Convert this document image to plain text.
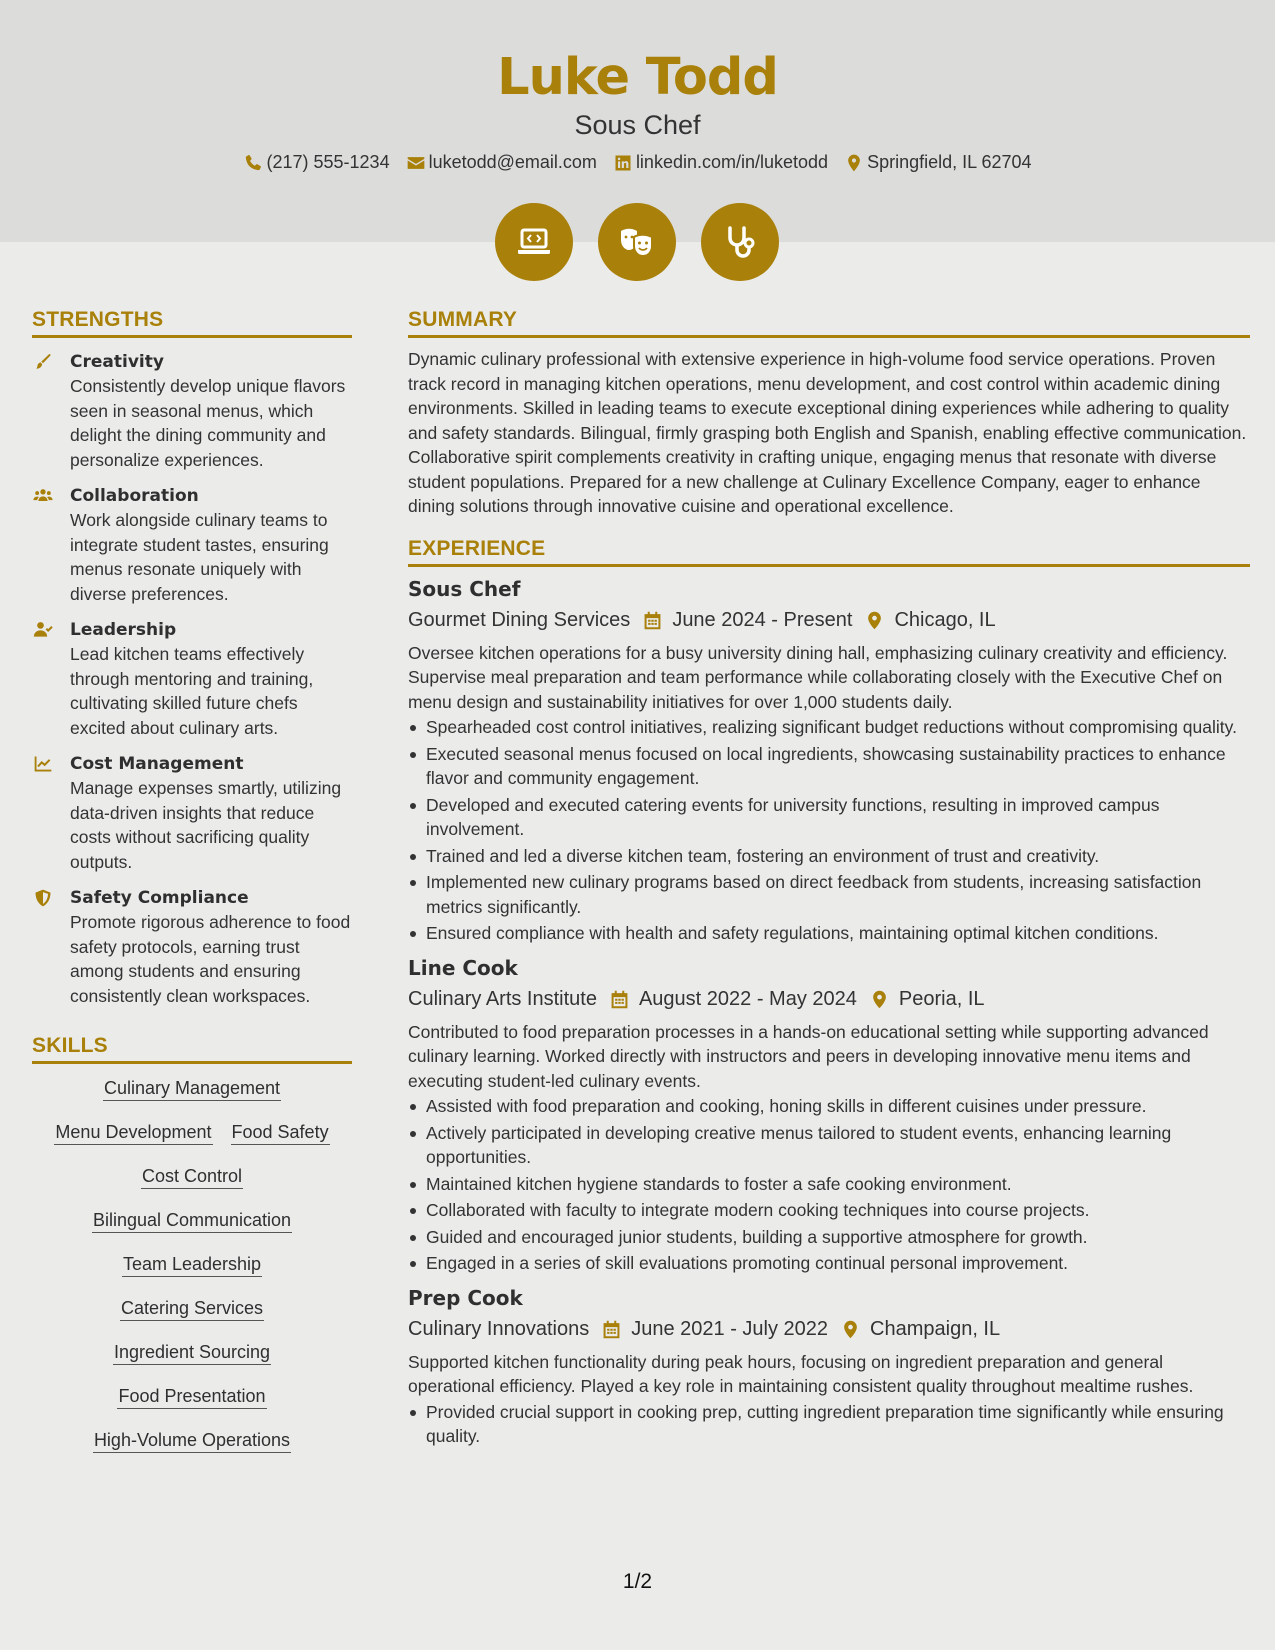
Luke Todd
Sous Chef
(217) 555-1234 luketodd@email.com linkedin.com/in/luketodd Springfield, IL 62704
STRENGTHS
Creativity
Consistently develop unique flavors seen in seasonal menus, which delight the dining community and personalize experiences.
Collaboration
Work alongside culinary teams to integrate student tastes, ensuring menus resonate uniquely with diverse preferences.
Leadership
Lead kitchen teams effectively through mentoring and training, cultivating skilled future chefs excited about culinary arts.
Cost Management
Manage expenses smartly, utilizing data-driven insights that reduce costs without sacrificing quality outputs.
Safety Compliance
Promote rigorous adherence to food safety protocols, earning trust among students and ensuring consistently clean workspaces.
SKILLS
Culinary Management
Menu Development Food Safety
Cost Control
Bilingual Communication
Team Leadership
Catering Services
Ingredient Sourcing
Food Presentation
High-Volume Operations
SUMMARY
Dynamic culinary professional with extensive experience in high-volume food service operations. Proven track record in managing kitchen operations, menu development, and cost control within academic dining environments. Skilled in leading teams to execute exceptional dining experiences while adhering to quality and safety standards. Bilingual, firmly grasping both English and Spanish, enabling effective communication. Collaborative spirit complements creativity in crafting unique, engaging menus that resonate with diverse student populations. Prepared for a new challenge at Culinary Excellence Company, eager to enhance dining solutions through innovative cuisine and operational excellence.
EXPERIENCE
Sous Chef
Gourmet Dining Services June 2024 - Present Chicago, IL
Oversee kitchen operations for a busy university dining hall, emphasizing culinary creativity and efficiency. Supervise meal preparation and team performance while collaborating closely with the Executive Chef on menu design and sustainability initiatives for over 1,000 students daily.
Spearheaded cost control initiatives, realizing significant budget reductions without compromising quality.
Executed seasonal menus focused on local ingredients, showcasing sustainability practices to enhance flavor and community engagement.
Developed and executed catering events for university functions, resulting in improved campus involvement.
Trained and led a diverse kitchen team, fostering an environment of trust and creativity.
Implemented new culinary programs based on direct feedback from students, increasing satisfaction metrics significantly.
Ensured compliance with health and safety regulations, maintaining optimal kitchen conditions.
Line Cook
Culinary Arts Institute August 2022 - May 2024 Peoria, IL
Contributed to food preparation processes in a hands-on educational setting while supporting advanced culinary learning. Worked directly with instructors and peers in developing innovative menu items and executing student-led culinary events.
Assisted with food preparation and cooking, honing skills in different cuisines under pressure.
Actively participated in developing creative menus tailored to student events, enhancing learning opportunities.
Maintained kitchen hygiene standards to foster a safe cooking environment.
Collaborated with faculty to integrate modern cooking techniques into course projects.
Guided and encouraged junior students, building a supportive atmosphere for growth.
Engaged in a series of skill evaluations promoting continual personal improvement.
Prep Cook
Culinary Innovations June 2021 - July 2022 Champaign, IL
Supported kitchen functionality during peak hours, focusing on ingredient preparation and general operational efficiency. Played a key role in maintaining consistent quality throughout mealtime rushes.
Provided crucial support in cooking prep, cutting ingredient preparation time significantly while ensuring quality.
1/2
